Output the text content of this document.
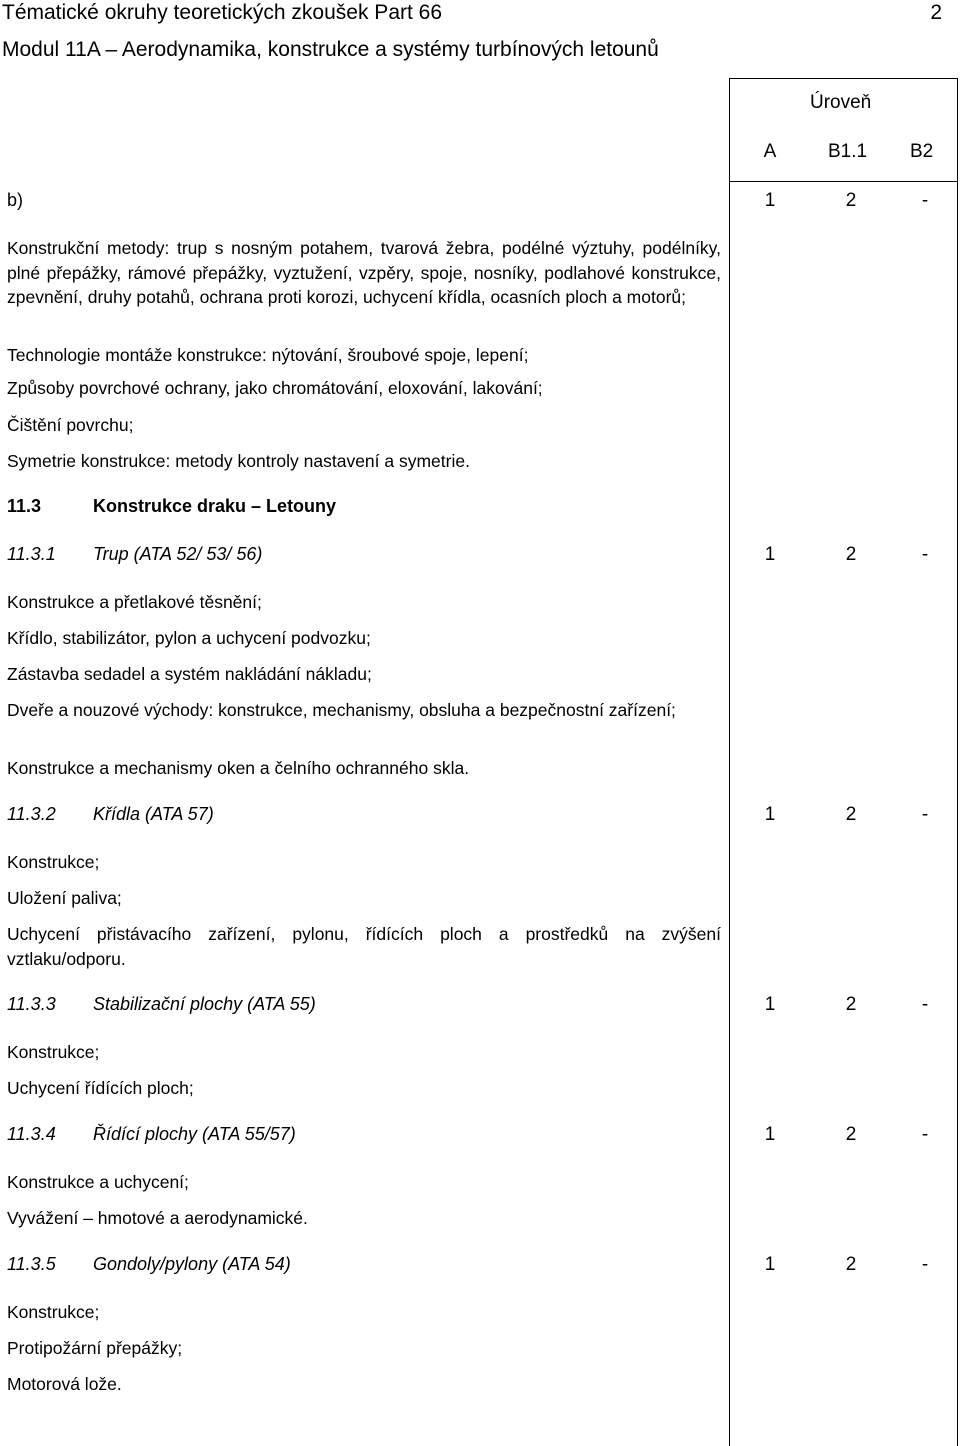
Tématické okruhy teoretických zkoušek Part 66	2
Modul 11A – Aerodynamika, konstrukce a systémy turbínových letounů
Úroveň
A	B1.1 B2
b)	1	2	-
Konstrukční metody: trup s nosným potahem, tvarová žebra, podélné výztuhy, podélníky, plné přepážky, rámové přepážky, vyztužení, vzpěry, spoje, nosníky, podlahové konstrukce, zpevnění, druhy potahů, ochrana proti korozi, uchycení křídla, ocasních ploch a motorů;
Technologie montáže konstrukce: nýtování, šroubové spoje, lepení;
Způsoby povrchové ochrany, jako chromátování, eloxování, lakování;
Čištění povrchu;
Symetrie konstrukce: metody kontroly nastavení a symetrie.
11.3	Konstrukce draku – Letouny
11.3.1 Trup (ATA 52/ 53/ 56)	1	2	-
Konstrukce a přetlakové těsnění;
Křídlo, stabilizátor, pylon a uchycení podvozku;
Zástavba sedadel a systém nakládání nákladu;
Dveře a nouzové východy: konstrukce, mechanismy, obsluha a bezpečnostní zařízení;
Konstrukce a mechanismy oken a čelního ochranného skla.
11.3.2 Křídla (ATA 57)	1	2	-
Konstrukce;
Uložení paliva;
Uchycení přistávacího zařízení, pylonu, řídících ploch a prostředků na zvýšení vztlaku/odporu.
11.3.3 Stabilizační plochy (ATA 55)	1	2	-
Konstrukce;
Uchycení řídících ploch;
11.3.4 Řídící plochy (ATA 55/57)	1	2	-
Konstrukce a uchycení;
Vyvážení – hmotové a aerodynamické.
11.3.5 Gondoly/pylony (ATA 54)	1	2	-
Konstrukce;
Protipožární přepážky;
Motorová lože.
